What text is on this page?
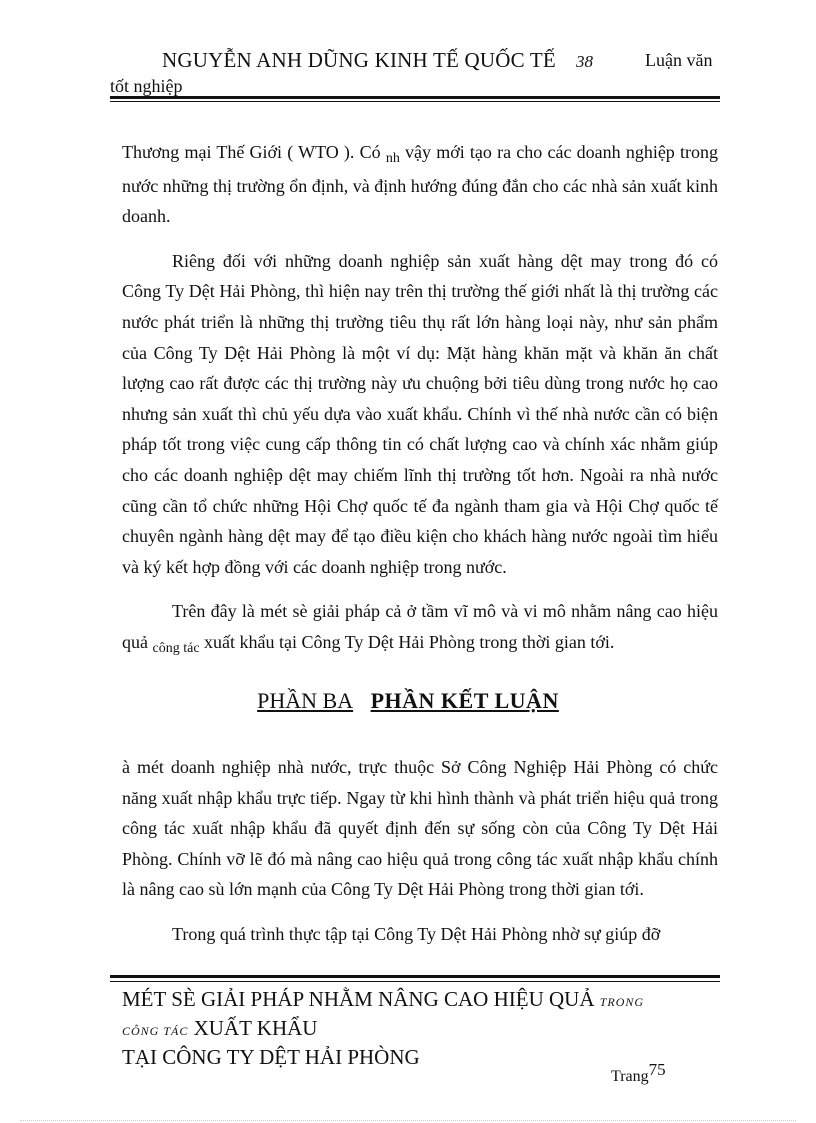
NGUYỄN ANH DŨNG KINH TẾ QUỐC TẾ 38	Luận văn
tốt nghiệp

Thương mại Thế Giới ( WTO ). Có $_{nh}$ vậy mới tạo ra cho các doanh nghiệp trong nước những thị trường ổn định, và định hướng đúng đắn cho các nhà sản xuất kinh doanh.

Riêng đối với những doanh nghiệp sản xuất hàng dệt may trong đó có Công Ty Dệt Hải Phòng, thì hiện nay trên thị trường thế giới nhất là thị trường các nước phát triển là những thị trường tiêu thụ rất lớn hàng loại này, như sản phẩm của Công Ty Dệt Hải Phòng là một ví dụ: Mặt hàng khăn mặt và khăn ăn chất lượng cao rất được các thị trường này ưu chuộng bởi tiêu dùng trong nước họ cao nhưng sản xuất thì chủ yếu dựa vào xuất khẩu. Chính vì thế nhà nước cần có biện pháp tốt trong việc cung cấp thông tin có chất lượng cao và chính xác nhằm giúp cho các doanh nghiệp dệt may chiếm lĩnh thị trường tốt hơn. Ngoài ra nhà nước cũng cần tổ chức những Hội Chợ quốc tế đa ngành tham gia và Hội Chợ quốc tế chuyên ngành hàng dệt may để tạo điều kiện cho khách hàng nước ngoài tìm hiểu và ký kết hợp đồng với các doanh nghiệp trong nước.

Trên đây là mét sè giải pháp cả ở tầm vĩ mô và vi mô nhằm nâng cao hiệu quả $_{công tác}$ xuất khẩu tại Công Ty Dệt Hải Phòng trong thời gian tới.

PHẦN BA PHẦN KẾT LUẬN

à mét doanh nghiệp nhà nước, trực thuộc Sở Công Nghiệp Hải Phòng có chức năng xuất nhập khẩu trực tiếp. Ngay từ khi hình thành và phát triển hiệu quả trong công tác xuất nhập khẩu đã quyết định đến sự sống còn của Công Ty Dệt Hải Phòng. Chính vỡ lẽ đó mà nâng cao hiệu quả trong công tác xuất nhập khẩu chính là nâng cao sù lớn mạnh của Công Ty Dệt Hải Phòng trong thời gian tới.

Trong quá trình thực tập tại Công Ty Dệt Hải Phòng nhờ sự giúp đỡ

MÉT SÈ GIẢI PHÁP NHẰM NÂNG CAO HIỆU QUẢ TRONG
CÔNG TÁC XUẤT KHẨU
TẠI CÔNG TY DỆT HẢI PHÒNG
Trang75
